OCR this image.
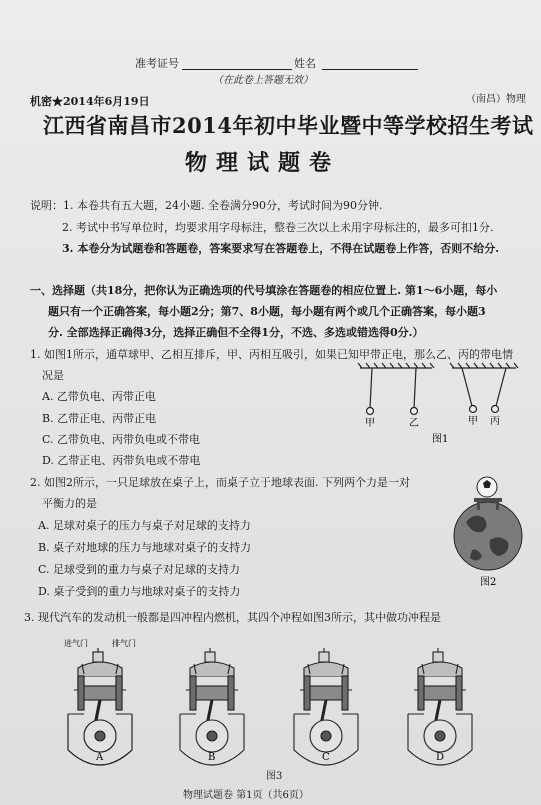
准考证号	姓名
（在此卷上答题无效）
机密★2014年6月19日	（南昌）物理
江西省南昌市2014年初中毕业暨中等学校招生考试
物理试题卷
说明：1. 本卷共有五大题，24小题. 全卷满分90分，考试时间为90分钟.
2. 考试中书写单位时，均要求用字母标注，整卷三次以上未用字母标注的，最多可扣1分.
3. 本卷分为试题卷和答题卷，答案要求写在答题卷上，不得在试题卷上作答，否则不给分.
一、选择题（共18分，把你认为正确选项的代号填涂在答题卷的相应位置上. 第1～6小题，每小
题只有一个正确答案，每小题2分；第7、8小题，每小题有两个或几个正确答案，每小题3
分. 全部选择正确得3分，选择正确但不全得1分，不选、多选或错选得0分.）
1. 如图1所示，通草球甲、乙相互排斥，甲、丙相互吸引，如果已知甲带正电，那么乙、丙的带电情
况是
A. 乙带负电、丙带正电
B. 乙带正电、丙带正电
C. 乙带负电、丙带负电或不带电
D. 乙带正电、丙带负电或不带电
甲	乙	甲 丙
图1
2. 如图2所示，一只足球放在桌子上，而桌子立于地球表面. 下列两个力是一对
平衡力的是
A. 足球对桌子的压力与桌子对足球的支持力
B. 桌子对地球的压力与地球对桌子的支持力
C. 足球受到的重力与桌子对足球的支持力
D. 桌子受到的重力与地球对桌子的支持力
图2
3. 现代汽车的发动机一般都是四冲程内燃机，其四个冲程如图3所示，其中做功冲程是
进气门	排气门
A	B	C	D
图3
物理试题卷 第1页（共6页）
